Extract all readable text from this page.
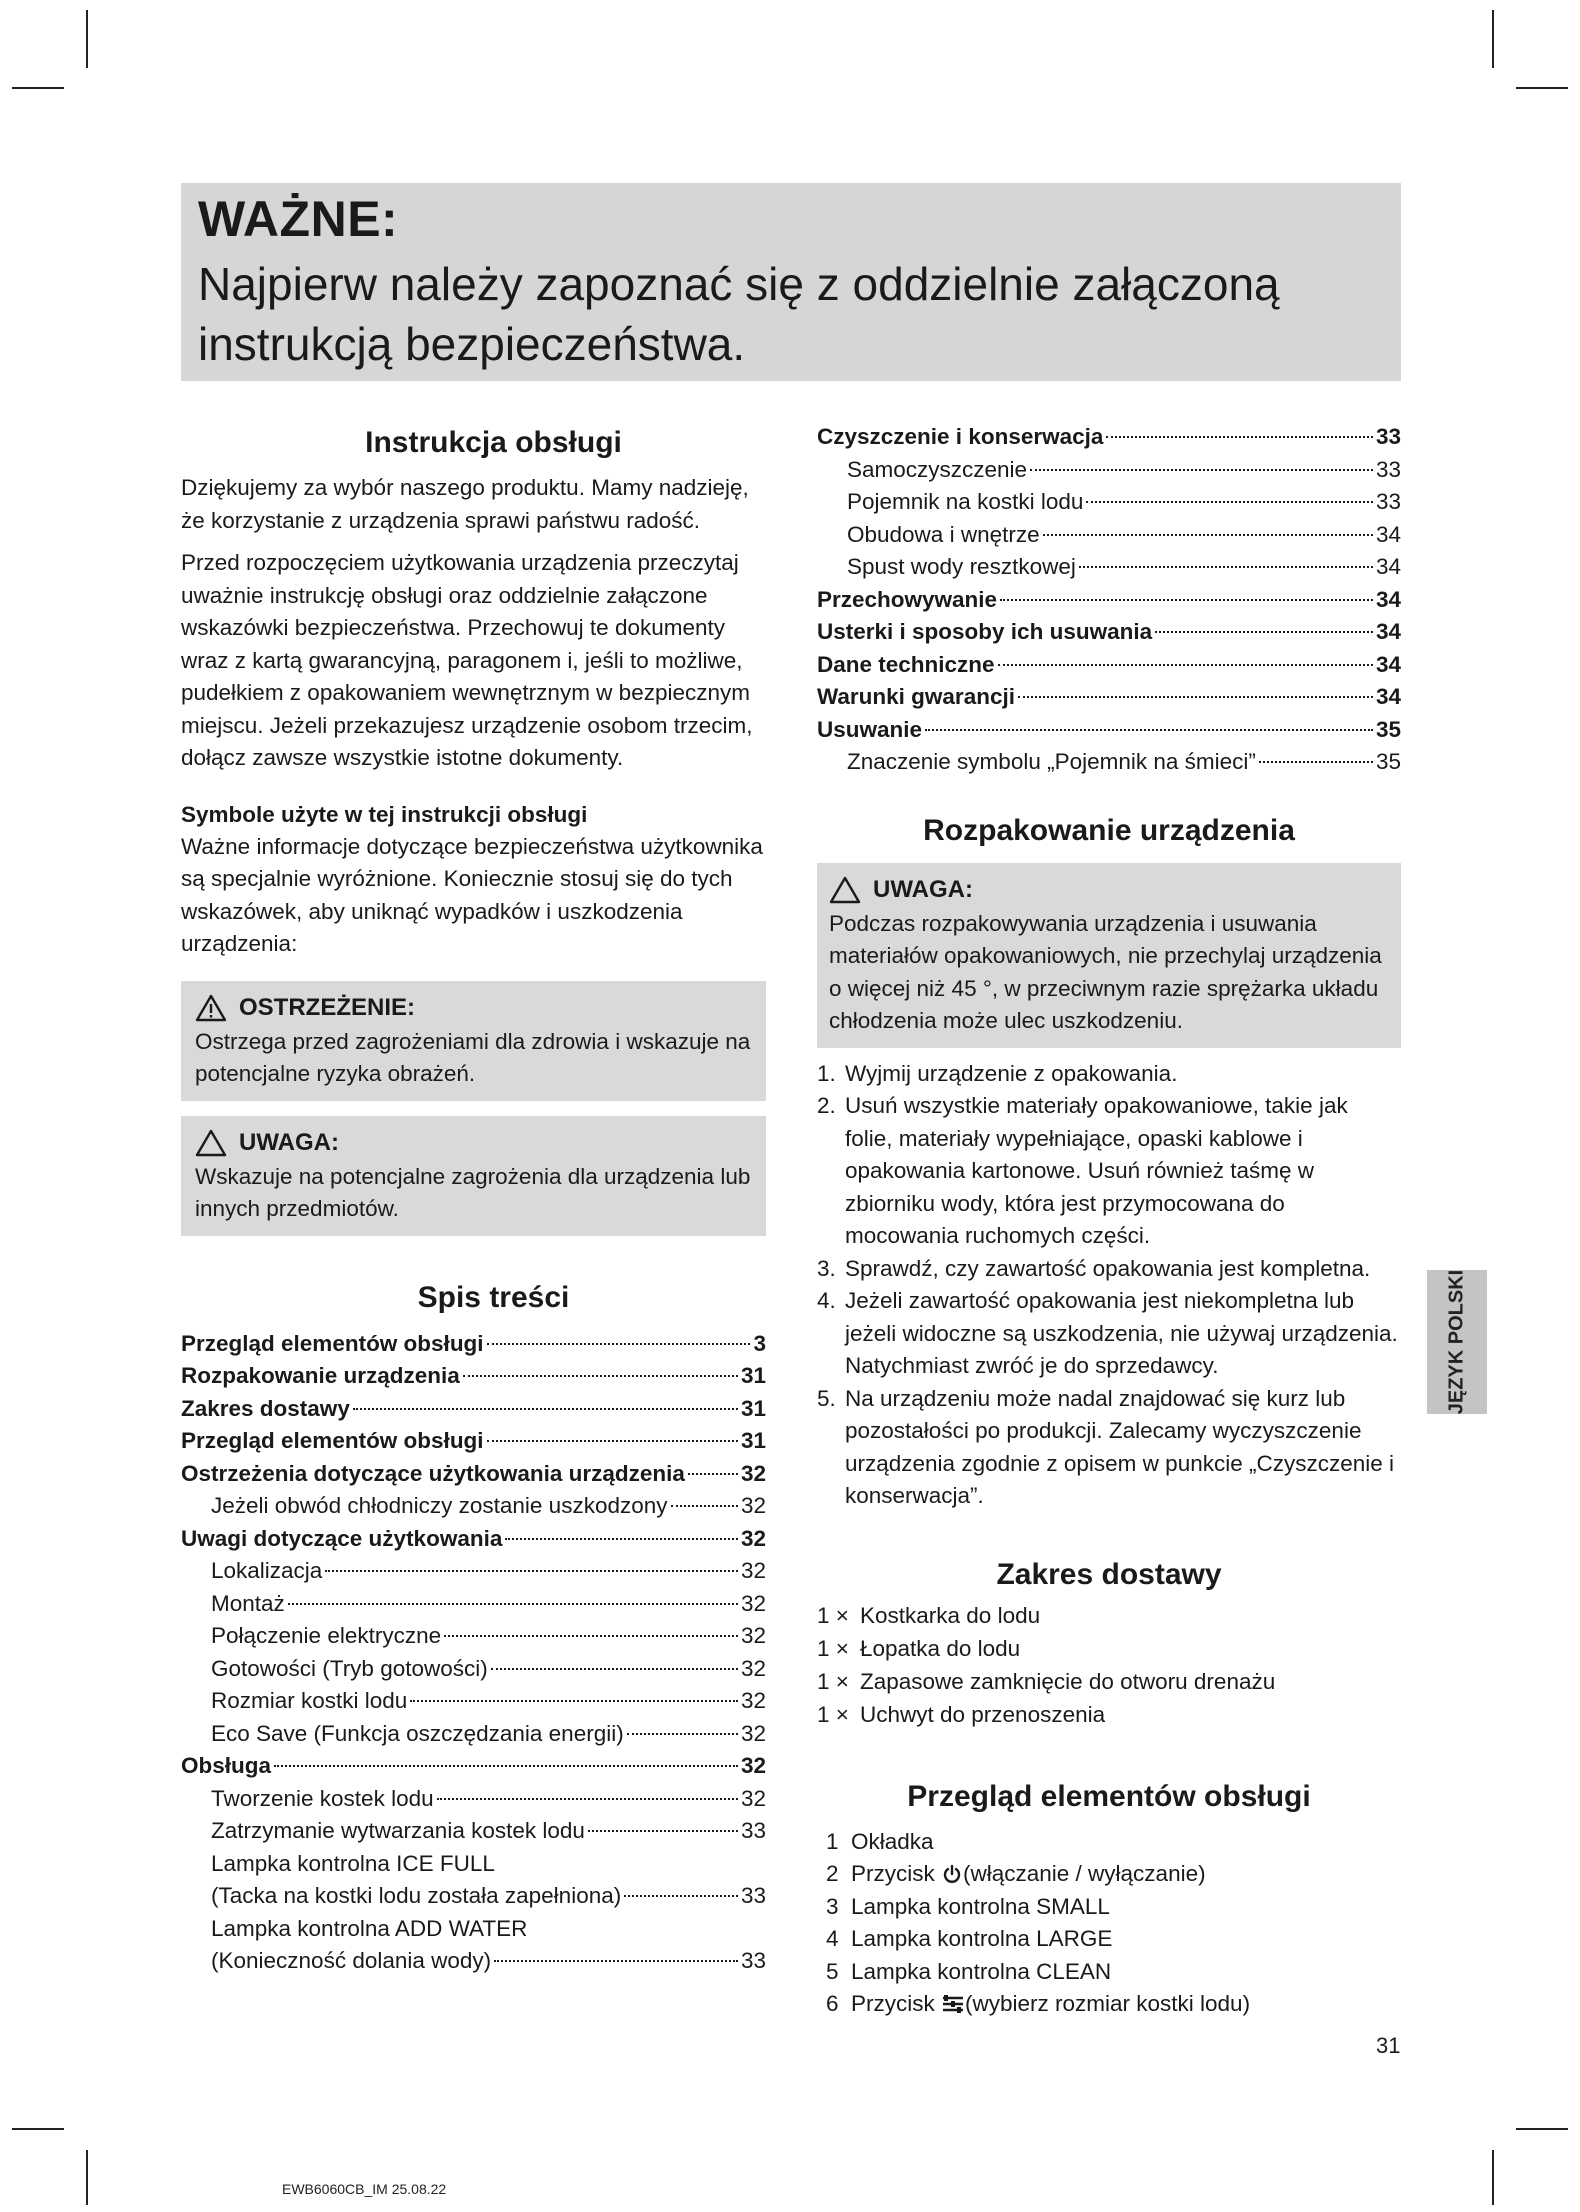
WAŻNE:
Najpierw należy zapoznać się z oddzielnie załączoną instrukcją bezpieczeństwa.
Instrukcja obsługi

Dziękujemy za wybór naszego produktu. Mamy nadzieję, że korzystanie z urządzenia sprawi państwu radość.

Przed rozpoczęciem użytkowania urządzenia przeczytaj uważnie instrukcję obsługi oraz oddzielnie załączone wskazówki bezpieczeństwa. Przechowuj te dokumenty wraz z kartą gwarancyjną, paragonem i, jeśli to możliwe, pudełkiem z opakowaniem wewnętrznym w bezpiecznym miejscu. Jeżeli przekazujesz urządzenie osobom trzecim, dołącz zawsze wszystkie istotne dokumenty.

Symbole użyte w tej instrukcji obsługi

Ważne informacje dotyczące bezpieczeństwa użytkownika są specjalnie wyróżnione. Koniecznie stosuj się do tych wskazówek, aby uniknąć wypadków i uszkodzenia urządzenia:

OSTRZEŻENIE:
Ostrzega przed zagrożeniami dla zdrowia i wskazuje na potencjalne ryzyka obrażeń.
UWAGA:
Wskazuje na potencjalne zagrożenia dla urządzenia lub innych przedmiotów.
Spis treści
Przegląd elementów obsługi	3
Rozpakowanie urządzenia	31
Zakres dostawy	31
Przegląd elementów obsługi	31
Ostrzeżenia dotyczące użytkowania urządzenia 32
Jeżeli obwód chłodniczy zostanie uszkodzony	32
Uwagi dotyczące użytkowania	32
Lokalizacja	32
Montaż	32
Połączenie elektryczne	32
Gotowości (Tryb gotowości)	32
Rozmiar kostki lodu	32
Eco Save (Funkcja oszczędzania energii)	32
Obsługa	32
Tworzenie kostek lodu	32
Zatrzymanie wytwarzania kostek lodu	33
Lampka kontrolna ICE FULL
(Tacka na kostki lodu została zapełniona)	33
Lampka kontrolna ADD WATER
(Konieczność dolania wody)	33
Czyszczenie i konserwacja	33
Samoczyszczenie	33
Pojemnik na kostki lodu	33
Obudowa i wnętrze	34
Spust wody resztkowej	34
Przechowywanie	34
Usterki i sposoby ich usuwania	34
Dane techniczne	34
Warunki gwarancji	34
Usuwanie	35
Znaczenie symbolu „Pojemnik na śmieci”	35
Rozpakowanie urządzenia
UWAGA:
Podczas rozpakowywania urządzenia i usuwania materiałów opakowaniowych, nie przechylaj urządzenia o więcej niż 45 °, w przeciwnym razie sprężarka układu chłodzenia może ulec uszkodzeniu.
1. Wyjmij urządzenie z opakowania.
2. Usuń wszystkie materiały opakowaniowe, takie jak folie, materiały wypełniające, opaski kablowe i opakowania kartonowe. Usuń również taśmę w zbiorniku wody, która jest przymocowana do mocowania ruchomych części.
3. Sprawdź, czy zawartość opakowania jest kompletna.
4. Jeżeli zawartość opakowania jest niekompletna lub jeżeli widoczne są uszkodzenia, nie używaj urządzenia. Natychmiast zwróć je do sprzedawcy.
5. Na urządzeniu może nadal znajdować się kurz lub pozostałości po produkcji. Zalecamy wyczyszczenie urządzenia zgodnie z opisem w punkcie „Czyszczenie i konserwacja”.
Zakres dostawy
1 × Kostkarka do lodu
1 × Łopatka do lodu
1 × Zapasowe zamknięcie do otworu drenażu
1 × Uchwyt do przenoszenia
Przegląd elementów obsługi
1 Okładka
2 Przycisk (włączanie / wyłączanie)
3 Lampka kontrolna SMALL
4 Lampka kontrolna LARGE
5 Lampka kontrolna CLEAN
6 Przycisk (wybierz rozmiar kostki lodu)
JĘZYK POLSKI
31
EWB6060CB_IM 25.08.22
